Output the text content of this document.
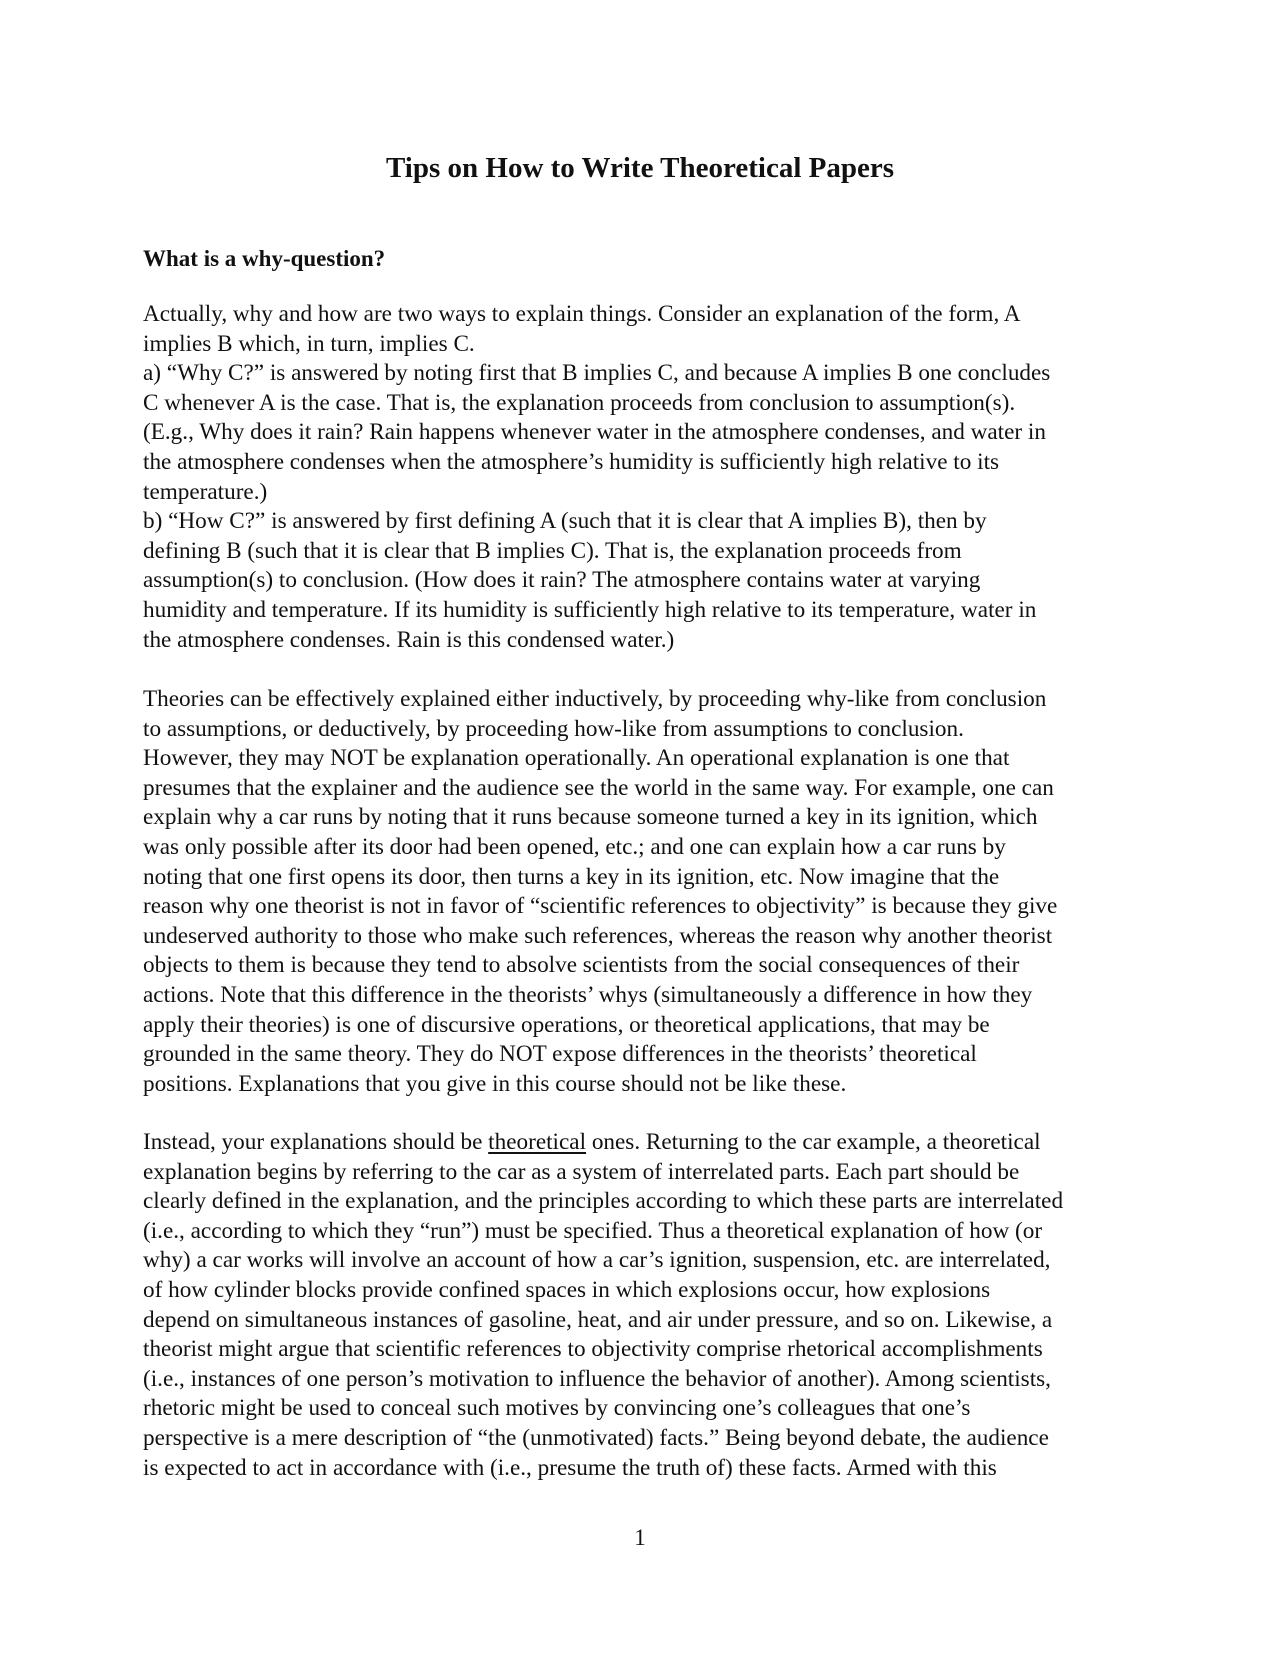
Tips on How to Write Theoretical Papers
What is a why-question?
Actually, why and how are two ways to explain things. Consider an explanation of the form, A
implies B which, in turn, implies C.
a) “Why C?” is answered by noting first that B implies C, and because A implies B one concludes
C whenever A is the case. That is, the explanation proceeds from conclusion to assumption(s).
(E.g., Why does it rain? Rain happens whenever water in the atmosphere condenses, and water in
the atmosphere condenses when the atmosphere’s humidity is sufficiently high relative to its
temperature.)
b) “How C?” is answered by first defining A (such that it is clear that A implies B), then by
defining B (such that it is clear that B implies C). That is, the explanation proceeds from
assumption(s) to conclusion. (How does it rain? The atmosphere contains water at varying
humidity and temperature. If its humidity is sufficiently high relative to its temperature, water in
the atmosphere condenses. Rain is this condensed water.)
Theories can be effectively explained either inductively, by proceeding why-like from conclusion
to assumptions, or deductively, by proceeding how-like from assumptions to conclusion.
However, they may NOT be explanation operationally. An operational explanation is one that
presumes that the explainer and the audience see the world in the same way. For example, one can
explain why a car runs by noting that it runs because someone turned a key in its ignition, which
was only possible after its door had been opened, etc.; and one can explain how a car runs by
noting that one first opens its door, then turns a key in its ignition, etc. Now imagine that the
reason why one theorist is not in favor of “scientific references to objectivity” is because they give
undeserved authority to those who make such references, whereas the reason why another theorist
objects to them is because they tend to absolve scientists from the social consequences of their
actions. Note that this difference in the theorists’ whys (simultaneously a difference in how they
apply their theories) is one of discursive operations, or theoretical applications, that may be
grounded in the same theory. They do NOT expose differences in the theorists’ theoretical
positions. Explanations that you give in this course should not be like these.
Instead, your explanations should be theoretical ones. Returning to the car example, a theoretical
explanation begins by referring to the car as a system of interrelated parts. Each part should be
clearly defined in the explanation, and the principles according to which these parts are interrelated
(i.e., according to which they “run”) must be specified. Thus a theoretical explanation of how (or
why) a car works will involve an account of how a car’s ignition, suspension, etc. are interrelated,
of how cylinder blocks provide confined spaces in which explosions occur, how explosions
depend on simultaneous instances of gasoline, heat, and air under pressure, and so on. Likewise, a
theorist might argue that scientific references to objectivity comprise rhetorical accomplishments
(i.e., instances of one person’s motivation to influence the behavior of another). Among scientists,
rhetoric might be used to conceal such motives by convincing one’s colleagues that one’s
perspective is a mere description of “the (unmotivated) facts.” Being beyond debate, the audience
is expected to act in accordance with (i.e., presume the truth of) these facts. Armed with this
1
